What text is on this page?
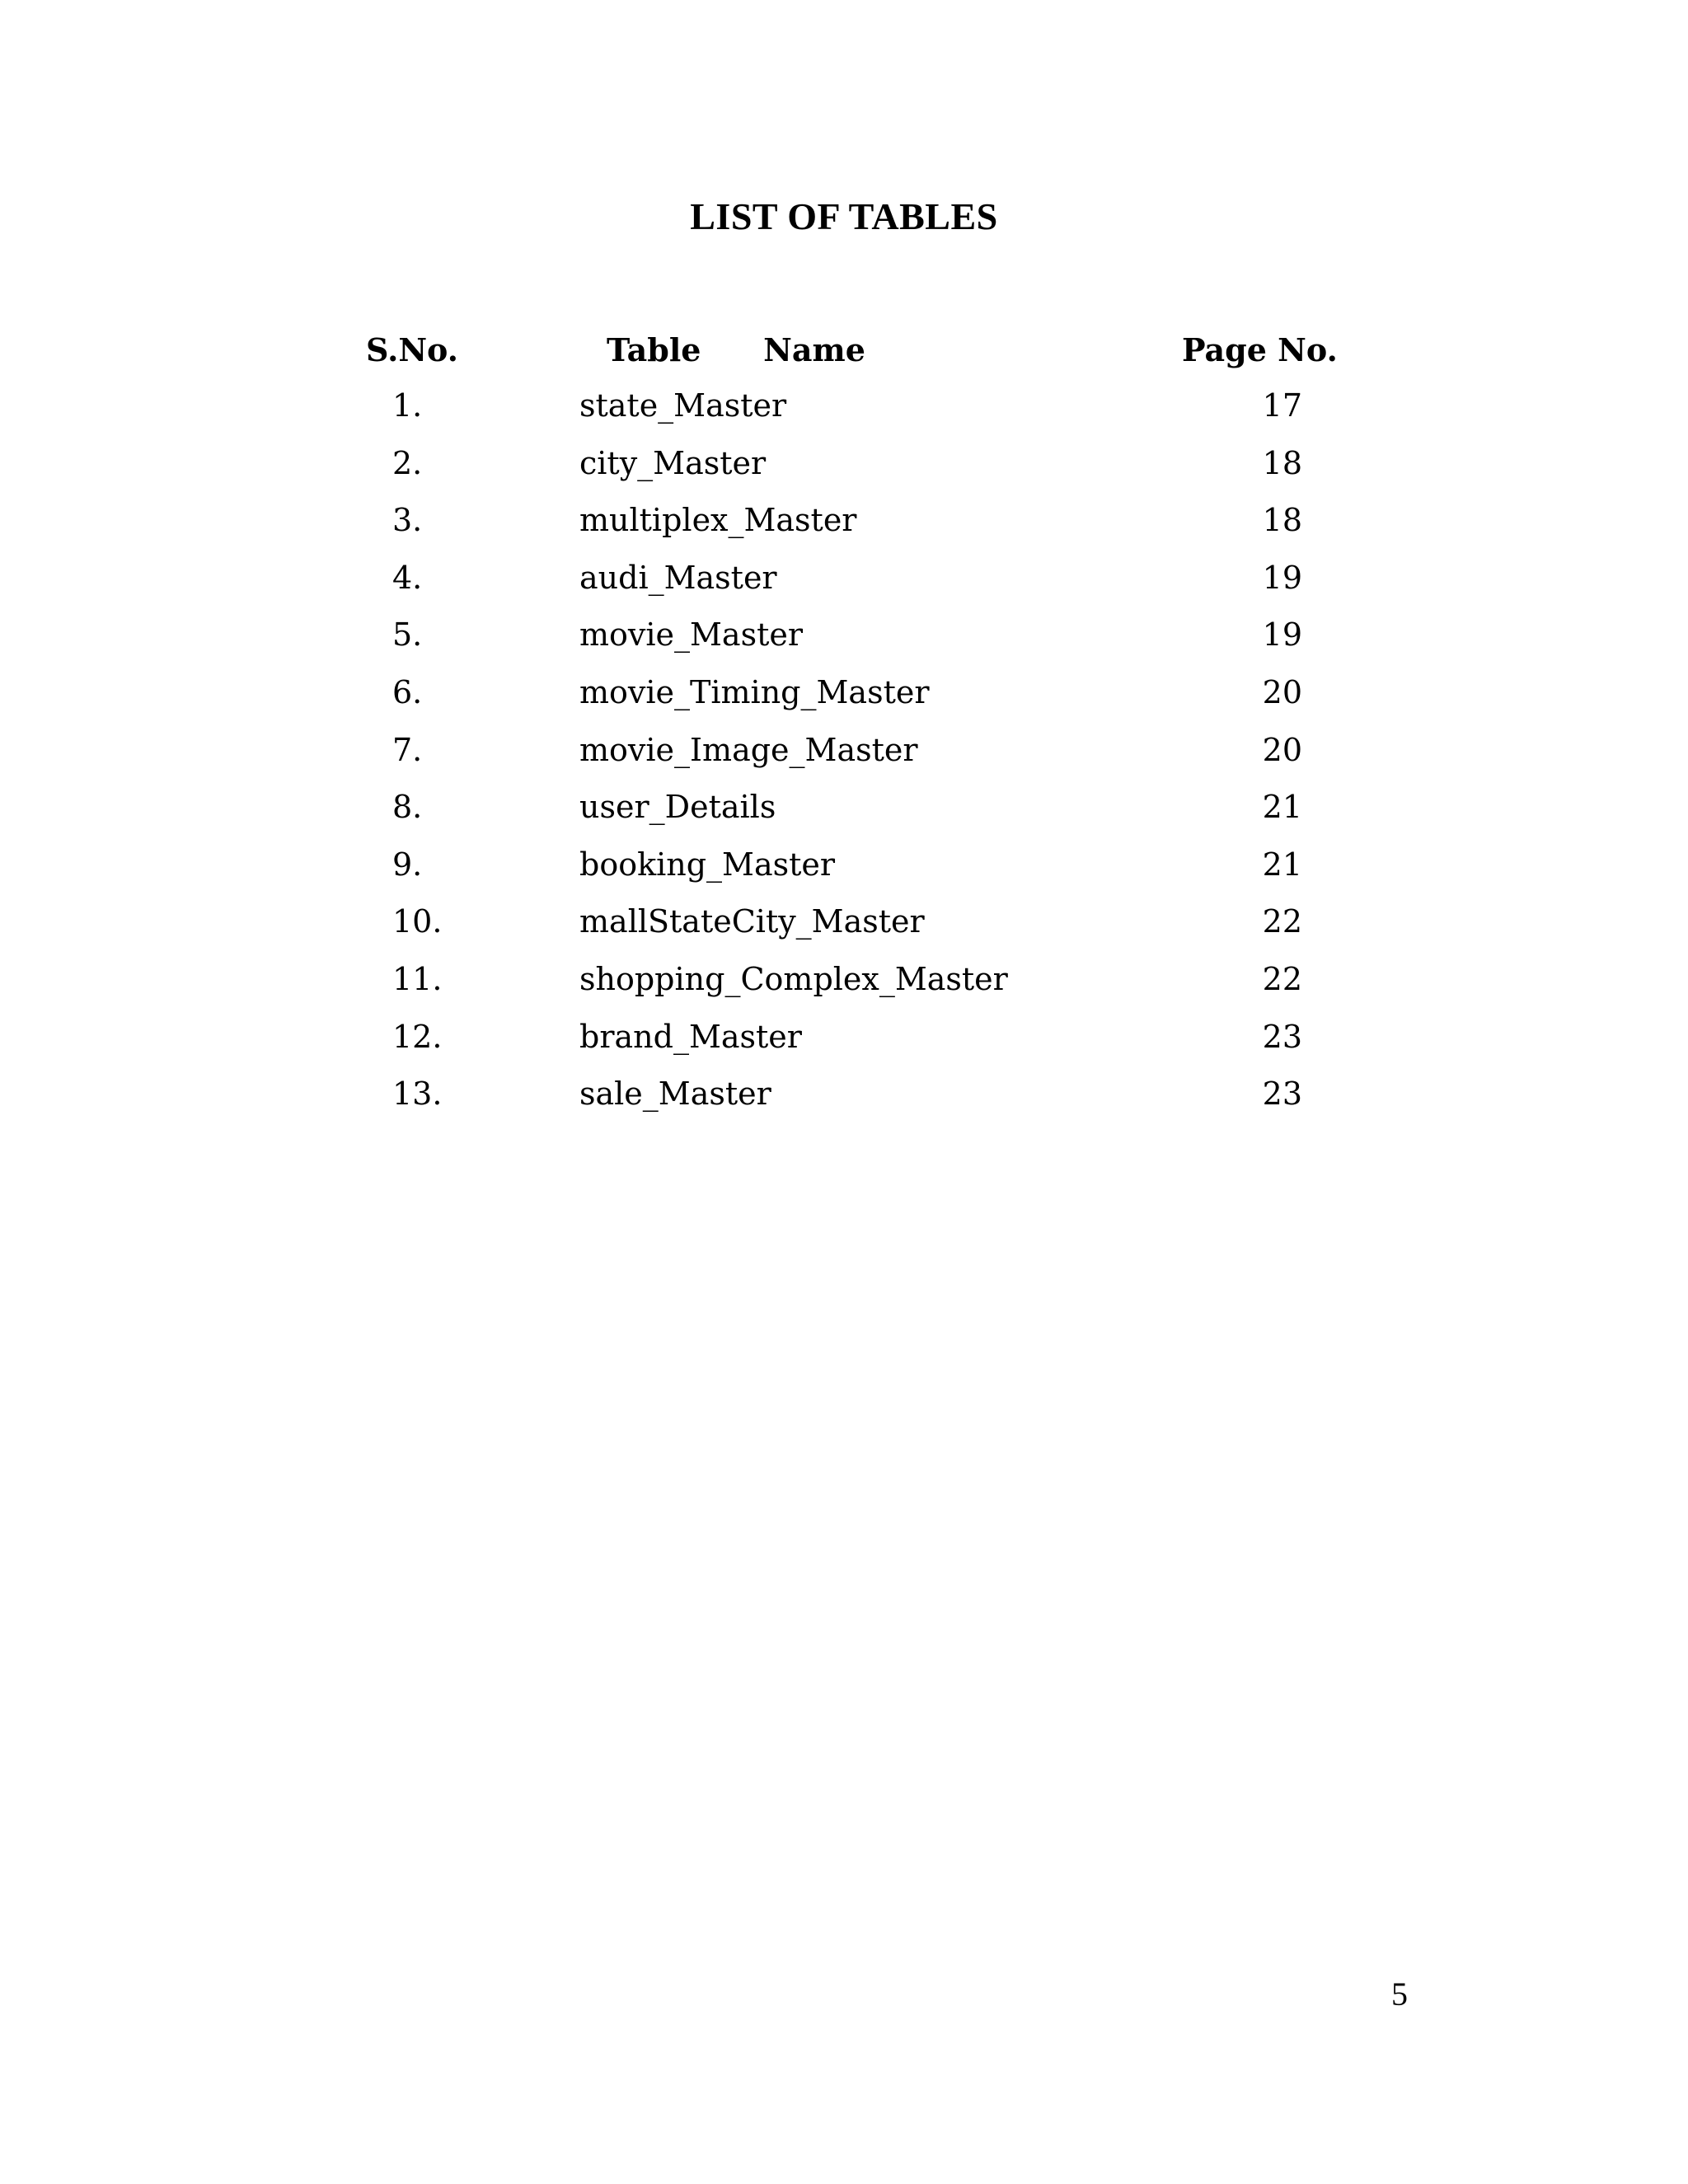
LIST OF TABLES
S.No.	Table   Name	Page No.
1.	state_Master	17
2.	city_Master	18
3.	multiplex_Master	18
4.	audi_Master	19
5.	movie_Master	19
6.	movie_Timing_Master	20
7.	movie_Image_Master	20
8.	user_Details	21
9.	booking_Master	21
10.	mallStateCity_Master	22
11.	shopping_Complex_Master	22
12.	brand_Master	23
13.	sale_Master	23
5
